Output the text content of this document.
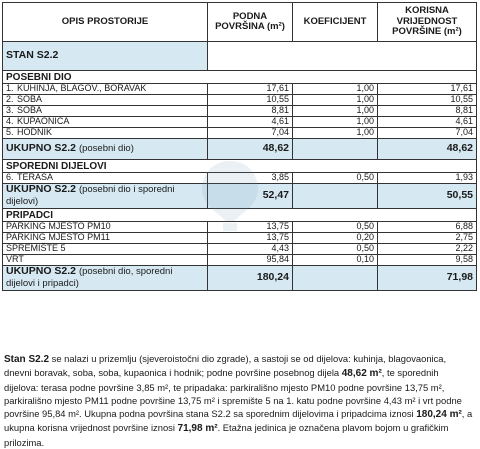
OPIS PROSTORIJE	PODNA POVRŠINA (m²)	KOEFICIJENT	KORISNA VRIJEDNOST POVRŠINE (m²)
STAN S2.2			
POSEBNI DIO			
1. KUHINJA, BLAGOV., BORAVAK	17,61	1,00	17,61
2. SOBA	10,55	1,00	10,55
3. SOBA	8,81	1,00	8,81
4. KUPAONICA	4,61	1,00	4,61
5. HODNIK	7,04	1,00	7,04
UKUPNO S2.2 (posebni dio)	48,62		48,62
SPOREDNI DIJELOVI			
6. TERASA	3,85	0,50	1,93
UKUPNO S2.2 (posebni dio i sporedni dijelovi)	52,47		50,55
PRIPADCI			
PARKING MJESTO PM10	13,75	0,50	6,88
PARKING MJESTO PM11	13,75	0,20	2,75
SPREMIŠTE 5	4,43	0,50	2,22
VRT	95,84	0,10	9,58
UKUPNO S2.2 (posebni dio, sporedni dijelovi i pripadci)	180,24		71,98

Stan S2.2 se nalazi u prizemlju (sjeveroistočni dio zgrade), a sastoji se od dijelova: kuhinja, blagovaonica, dnevni boravak, soba, soba, kupaonica i hodnik; podne površine posebnog dijela 48,62 m², te sporednih dijelova: terasa podne površine 3,85 m², te pripadaka: parkirališno mjesto PM10 podne površine 13,75 m², parkirališno mjesto PM11 podne površine 13,75 m² i spremište 5 na 1. katu podne površine 4,43 m² i vrt podne površine 95,84 m². Ukupna podna površina stana S2.2 sa sporednim dijelovima i pripadcima iznosi 180,24 m², a ukupna korisna vrijednost površine iznosi 71,98 m². Etažna jedinica je označena plavom bojom u grafičkim prilozima.
